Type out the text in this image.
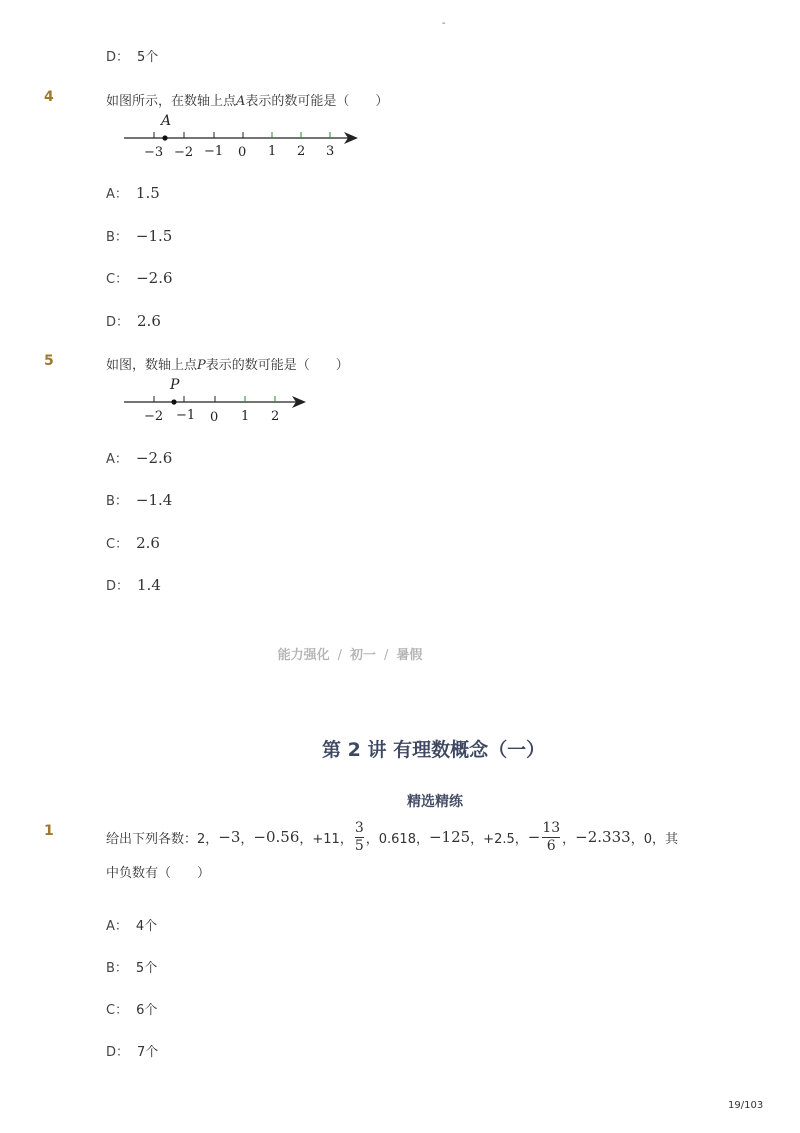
-
D： 5个
4	如图所示，在数轴上点A表示的数可能是（　　）
A
−3 −2 −1 0 1 2 3
A： 1.5
B： −1.5
C： −2.6
D： 2.6
5	如图，数轴上点P表示的数可能是（　　）
P
−2 −1 0 1 2
A： −2.6
B： −1.4
C： 2.6
D： 1.4
能力强化 / 初一 / 暑假
第 2 讲 有理数概念（一）
精选精练
1	给出下列各数：2， −3 ， −0.56 ，+11， $\frac{3}{5}$ ，0.618， −125 ，+2.5， − $\frac{13}{6}$ ， −2.333 ，0，其
中负数有（　　）
A： 4个
B： 5个
C： 6个
D： 7个
19/103
